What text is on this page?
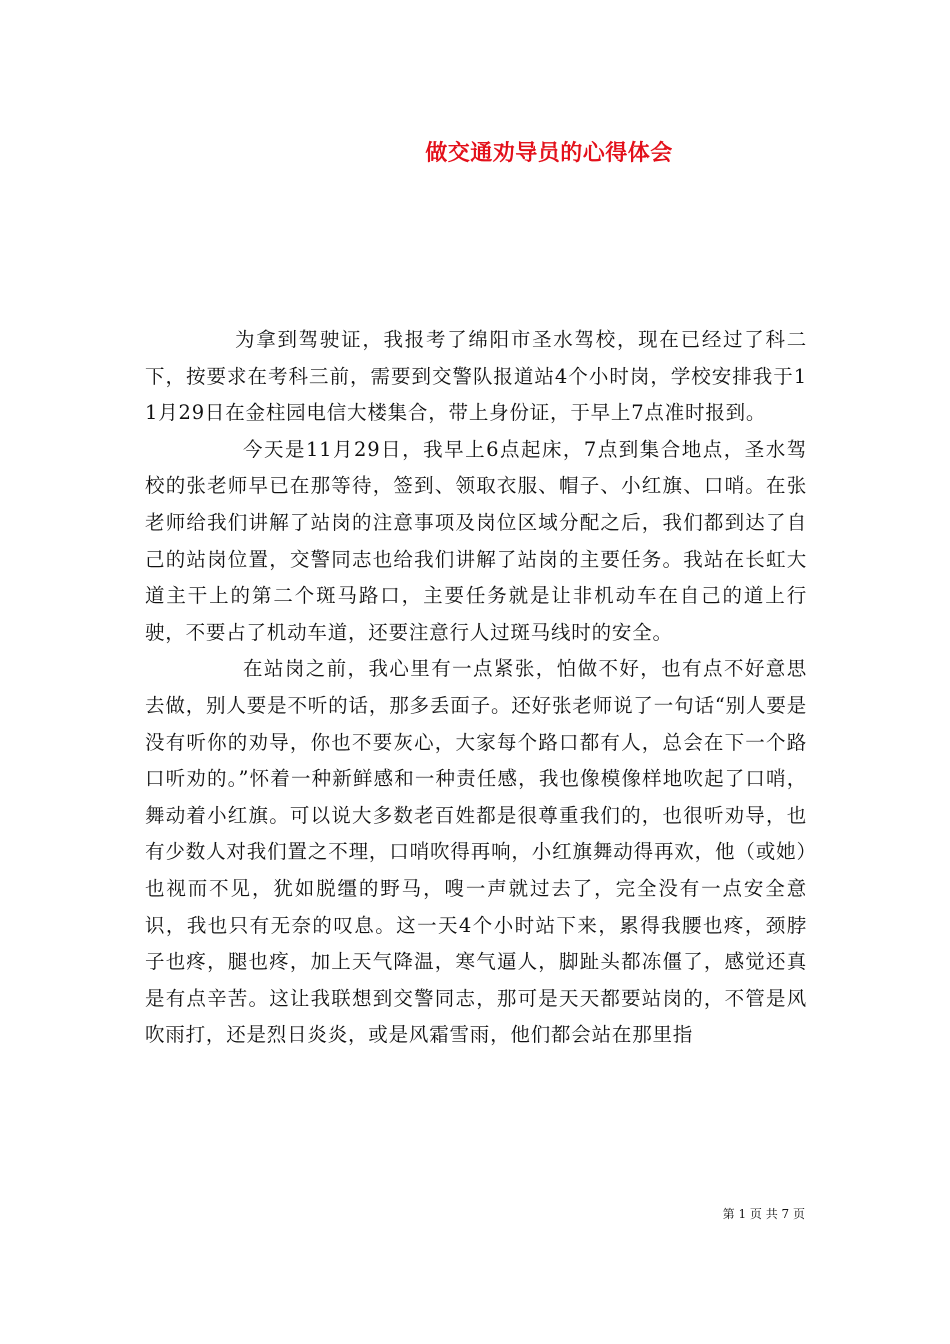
做交通劝导员的心得体会

为拿到驾驶证，我报考了绵阳市圣水驾校，现在已经过了科二下，按要求在考科三前，需要到交警队报道站4个小时岗，学校安排我于11月29日在金柱园电信大楼集合，带上身份证，于早上7点准时报到。

今天是11月29日，我早上6点起床，7点到集合地点，圣水驾校的张老师早已在那等待，签到、领取衣服、帽子、小红旗、口哨。在张老师给我们讲解了站岗的注意事项及岗位区域分配之后，我们都到达了自己的站岗位置，交警同志也给我们讲解了站岗的主要任务。我站在长虹大道主干上的第二个斑马路口，主要任务就是让非机动车在自己的道上行驶，不要占了机动车道，还要注意行人过斑马线时的安全。

在站岗之前，我心里有一点紧张，怕做不好，也有点不好意思去做，别人要是不听的话，那多丢面子。还好张老师说了一句话“别人要是没有听你的劝导，你也不要灰心，大家每个路口都有人，总会在下一个路口听劝的。”怀着一种新鲜感和一种责任感，我也像模像样地吹起了口哨，舞动着小红旗。可以说大多数老百姓都是很尊重我们的，也很听劝导，也有少数人对我们置之不理，口哨吹得再响，小红旗舞动得再欢，他（或她）也视而不见，犹如脱缰的野马，嗖一声就过去了，完全没有一点安全意识，我也只有无奈的叹息。这一天4个小时站下来，累得我腰也疼，颈脖子也疼，腿也疼，加上天气降温，寒气逼人，脚趾头都冻僵了，感觉还真是有点辛苦。这让我联想到交警同志，那可是天天都要站岗的，不管是风吹雨打，还是烈日炎炎，或是风霜雪雨，他们都会站在那里指

第 1 页 共 7 页
